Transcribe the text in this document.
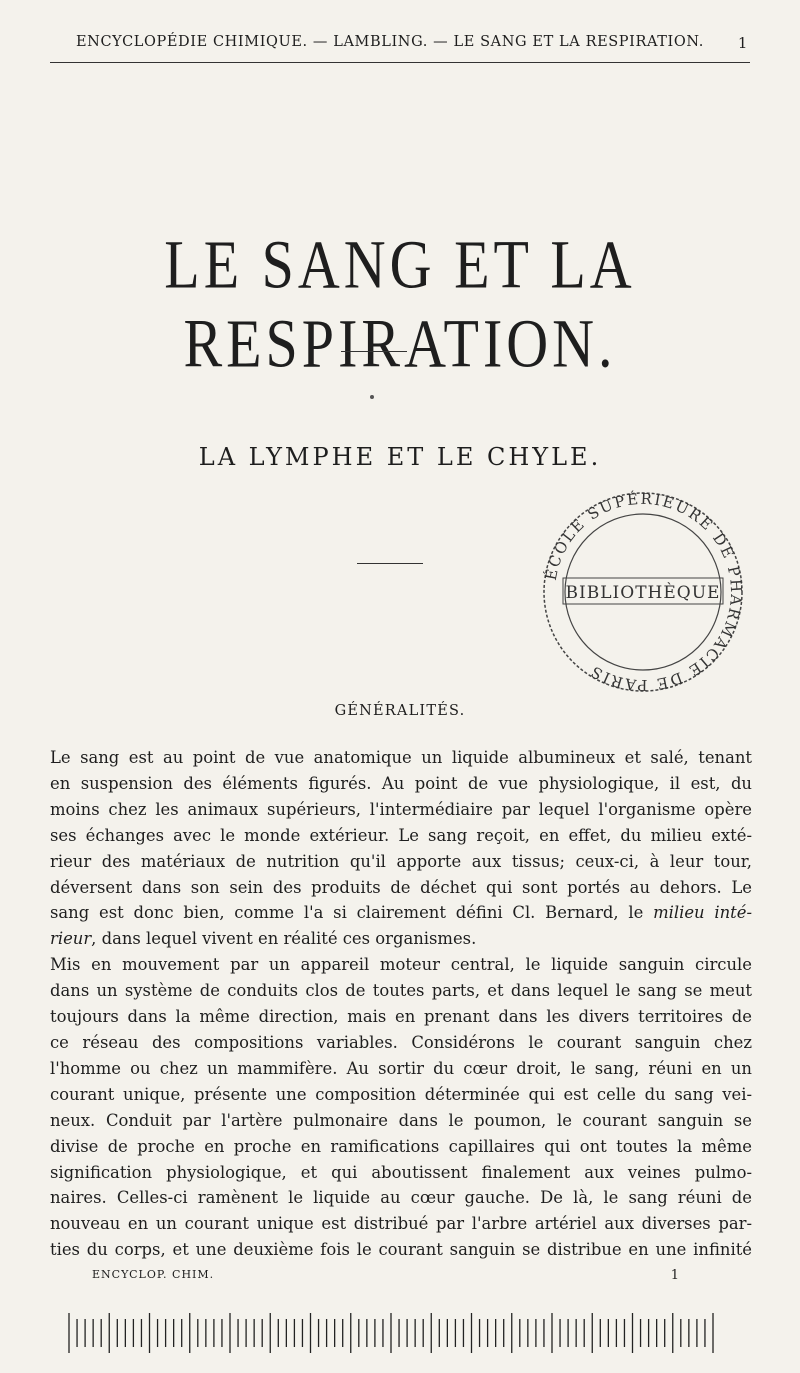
ENCYCLOPÉDIE CHIMIQUE. — LAMBLING. — LE SANG ET LA RESPIRATION. 1
LE SANG ET LA RESPIRATION.
LA LYMPHE ET LE CHYLE.
ÉCOLE SUPÉRIEURE DE PHARMACIE DE PARIS
BIBLIOTHÈQUE
GÉNÉRALITÉS.
Le sang est au point de vue anatomique un liquide albumineux et salé, tenant
en suspension des éléments figurés. Au point de vue physiologique, il est, du
moins chez les animaux supérieurs, l'intermédiaire par lequel l'organisme opère
ses échanges avec le monde extérieur. Le sang reçoit, en effet, du milieu exté-
rieur des matériaux de nutrition qu'il apporte aux tissus; ceux-ci, à leur tour,
déversent dans son sein des produits de déchet qui sont portés au dehors. Le
sang est donc bien, comme l'a si clairement défini Cl. Bernard, le milieu inté-
rieur, dans lequel vivent en réalité ces organismes.
Mis en mouvement par un appareil moteur central, le liquide sanguin circule
dans un système de conduits clos de toutes parts, et dans lequel le sang se meut
toujours dans la même direction, mais en prenant dans les divers territoires de
ce réseau des compositions variables. Considérons le courant sanguin chez
l'homme ou chez un mammifère. Au sortir du cœur droit, le sang, réuni en un
courant unique, présente une composition déterminée qui est celle du sang vei-
neux. Conduit par l'artère pulmonaire dans le poumon, le courant sanguin se
divise de proche en proche en ramifications capillaires qui ont toutes la même
signification physiologique, et qui aboutissent finalement aux veines pulmo-
naires. Celles-ci ramènent le liquide au cœur gauche. De là, le sang réuni de
nouveau en un courant unique est distribué par l'arbre artériel aux diverses par-
ties du corps, et une deuxième fois le courant sanguin se distribue en une infinité
ENCYCLOP. CHIM.	1
